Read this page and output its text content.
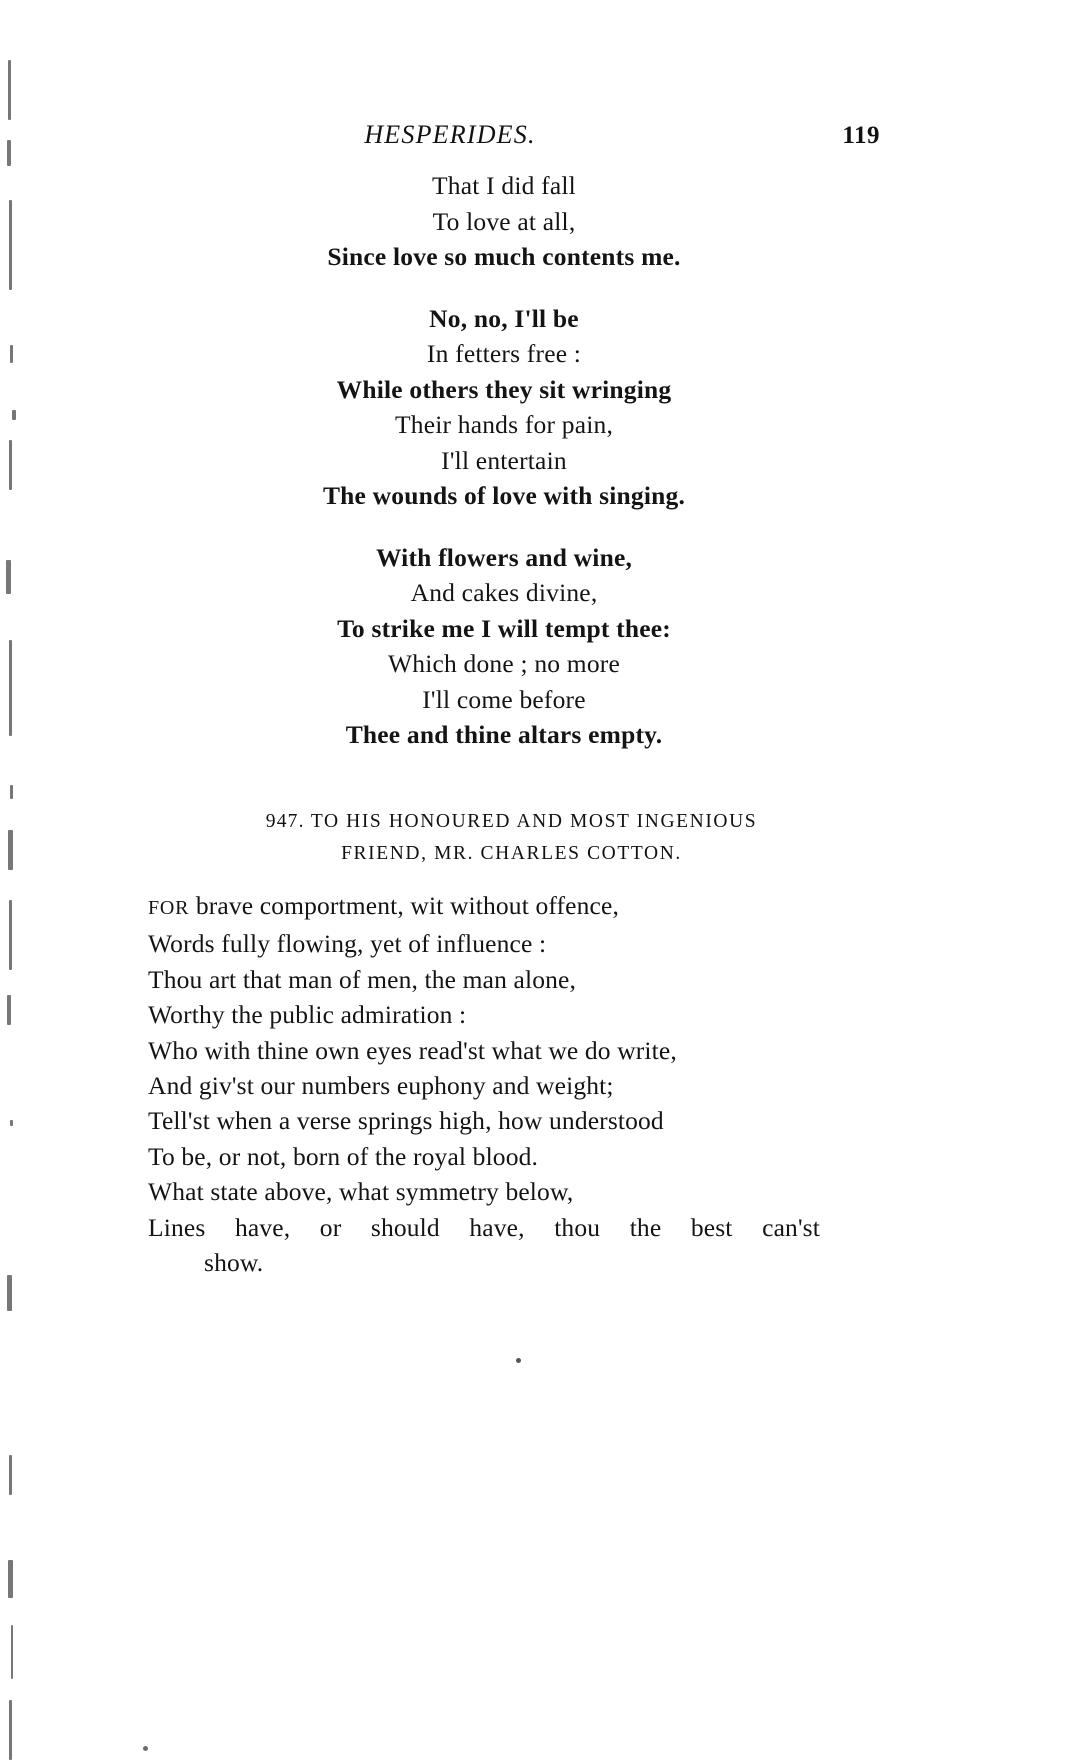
HESPERIDES.	119
That I did fall
To love at all,
Since love so much contents me.
No, no, I'll be
In fetters free :
While others they sit wringing
Their hands for pain,
I'll entertain
The wounds of love with singing.
With flowers and wine,
And cakes divine,
To strike me I will tempt thee:
Which done ; no more
I'll come before
Thee and thine altars empty.
947. TO HIS HONOURED AND MOST INGENIOUS
FRIEND, MR. CHARLES COTTON.
FOR brave comportment, wit without offence,
Words fully flowing, yet of influence :
Thou art that man of men, the man alone,
Worthy the public admiration :
Who with thine own eyes read'st what we do write,
And giv'st our numbers euphony and weight;
Tell'st when a verse springs high, how understood
To be, or not, born of the royal blood.
What state above, what symmetry below,
Lines have, or should have, thou the best can'st
show.
